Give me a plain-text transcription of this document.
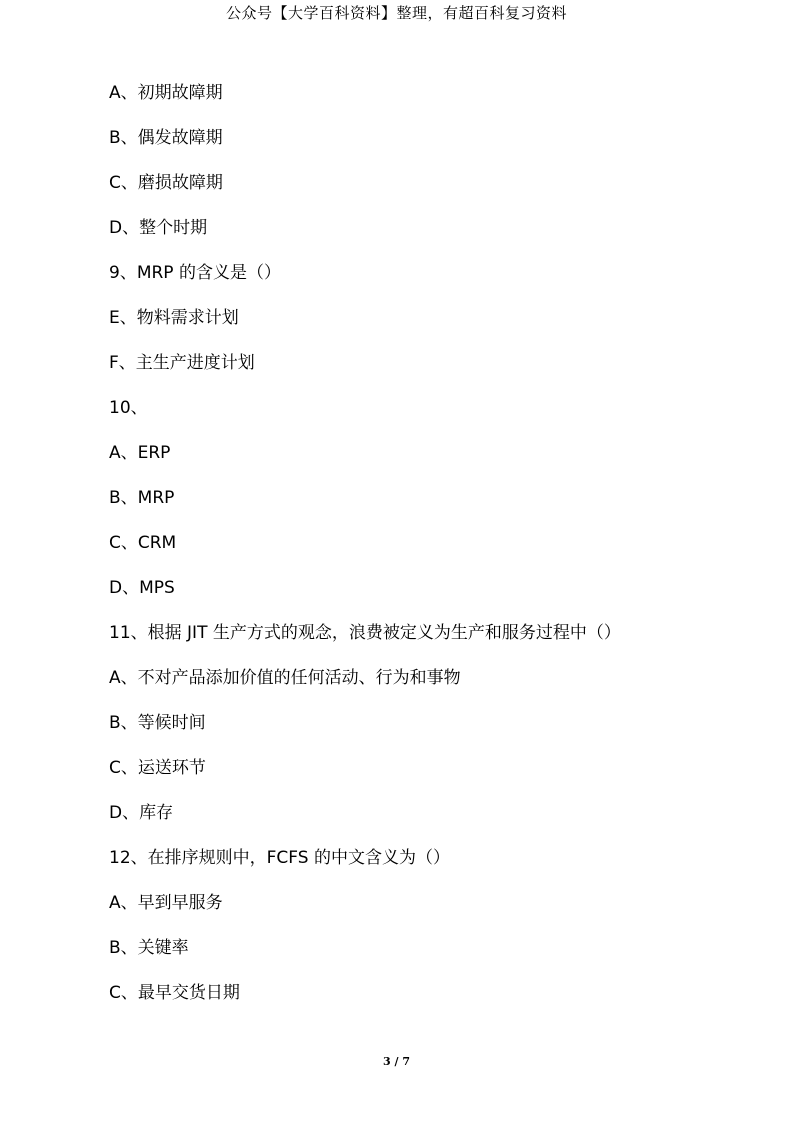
公众号【大学百科资料】整理，有超百科复习资料
A、初期故障期
B、偶发故障期
C、磨损故障期
D、整个时期
9、MRP 的含义是（）
E、物料需求计划
F、主生产进度计划
10、
A、ERP
B、MRP
C、CRM
D、MPS
11、根据 JIT 生产方式的观念，浪费被定义为生产和服务过程中（）
A、不对产品添加价值的任何活动、行为和事物
B、等候时间
C、运送环节
D、库存
12、在排序规则中，FCFS 的中文含义为（）
A、早到早服务
B、关键率
C、最早交货日期
3 / 7
